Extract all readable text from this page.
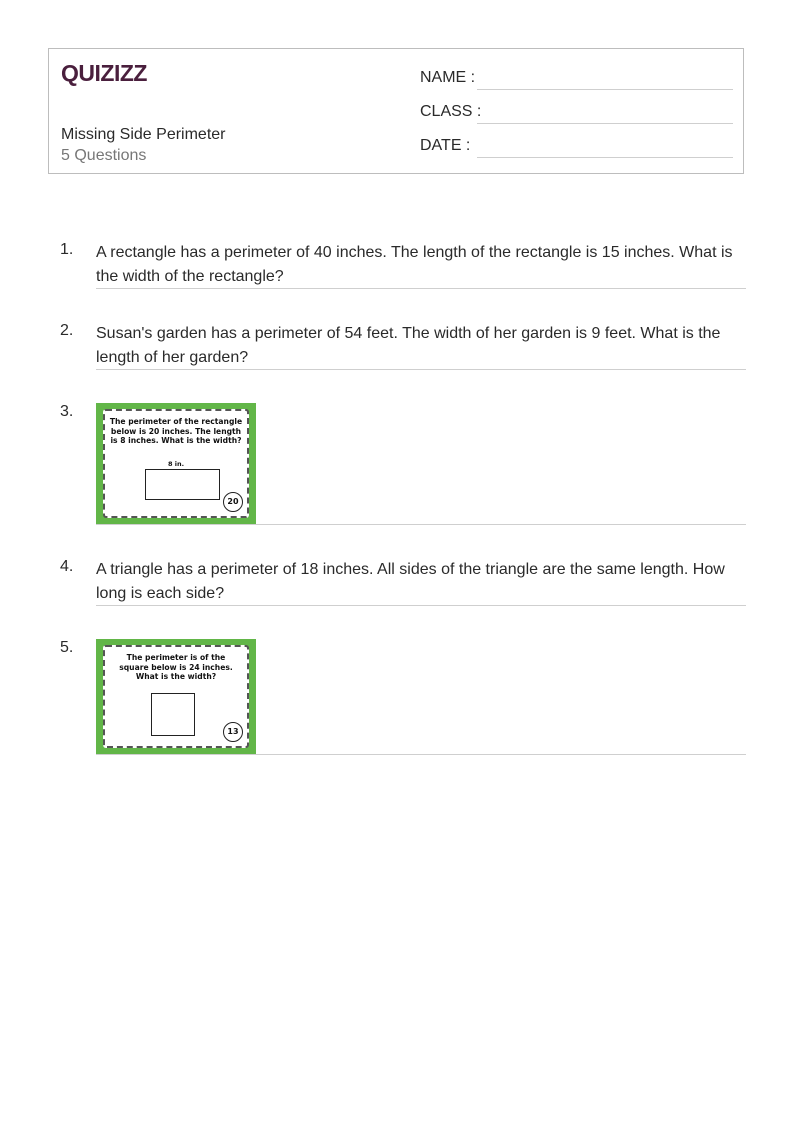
QUIZIZZ
Missing Side Perimeter
5 Questions
NAME :
CLASS :
DATE :
1. A rectangle has a perimeter of 40 inches. The length of the rectangle is 15 inches. What is the width of the rectangle?
2. Susan's garden has a perimeter of 54 feet. The width of her garden is 9 feet. What is the length of her garden?
3.
The perimeter of the rectangle below is 20 inches. The length is 8 inches. What is the width?
8 in.
20
4. A triangle has a perimeter of 18 inches. All sides of the triangle are the same length. How long is each side?
5.
The perimeter is of the square below is 24 inches. What is the width?
13
